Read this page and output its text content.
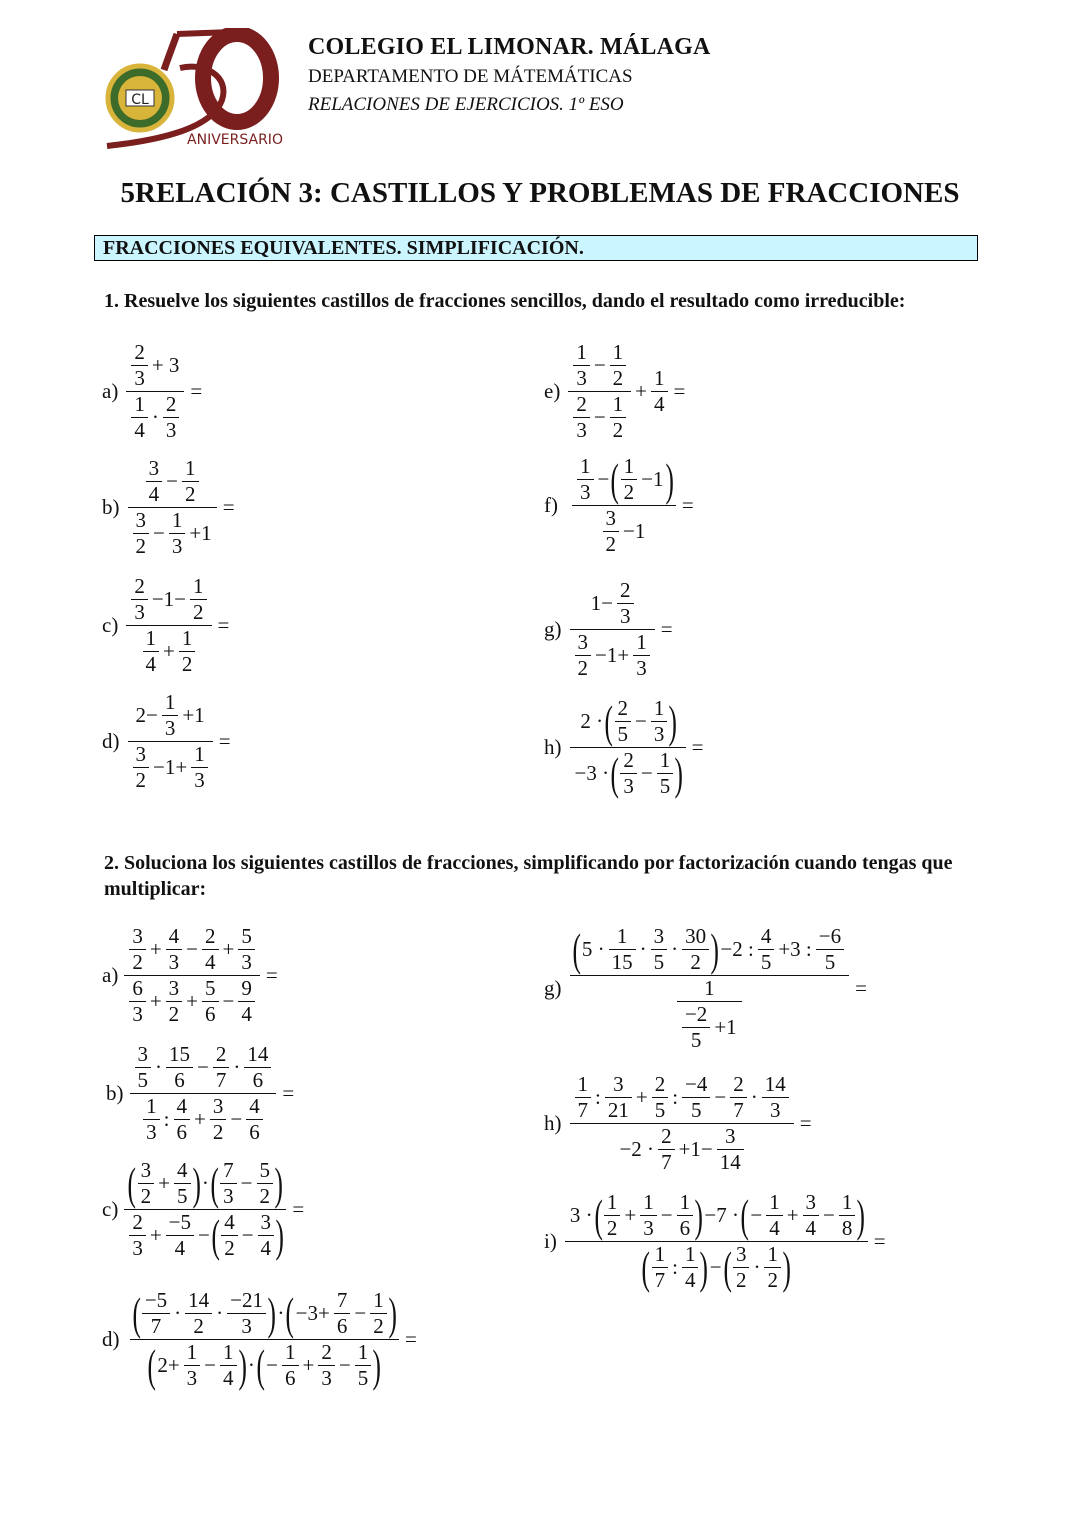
CL
ANIVERSARIO
COLEGIO EL LIMONAR. MÁLAGA
DEPARTAMENTO DE MÁTEMÁTICAS
RELACIONES DE EJERCICIOS. 1º ESO
5RELACIÓN 3: CASTILLOS Y PROBLEMAS DE FRACCIONES
FRACCIONES EQUIVALENTES. SIMPLIFICACIÓN.
1. Resuelve los siguientes castillos de fracciones sencillos, dando el resultado como irreducible:
$a) \frac{\frac{2}{3} + 3}{\frac{1}{4} \cdot \frac{2}{3}}$ =
$b) \frac{\frac{3}{4} - \frac{1}{2}}{\frac{3}{2} - \frac{1}{3} +1}$ =
$c) \frac{\frac{2}{3} -1- \frac{1}{2}}{\frac{1}{4} + \frac{1}{2}}$ =
$d) \frac{2- \frac{1}{3} +1}{\frac{3}{2} -1+ \frac{1}{3}}$ =
$e) \frac{\frac{1}{3} - \frac{1}{2}}{\frac{2}{3} - \frac{1}{2}} + \frac{1}{4}$ =
$f) \frac{\frac{1}{3} - ( \frac{1}{2} -1 )}{\frac{3}{2} -1}$ =
$g) \frac{1- \frac{2}{3}}{\frac{3}{2} -1+ \frac{1}{3}}$ =
$h) \frac{2 \cdot ( \frac{2}{5} - \frac{1}{3} )}{-3 \cdot ( \frac{2}{3} - \frac{1}{5} )}$ =
2. Soluciona los siguientes castillos de fracciones, simplificando por factorización cuando tengas que multiplicar:
$a) \frac{\frac{3}{2} + \frac{4}{3} - \frac{2}{4} + \frac{5}{3}}{\frac{6}{3} + \frac{3}{2} + \frac{5}{6} - \frac{9}{4}}$ =
$b) \frac{\frac{3}{5} \cdot \frac{15}{6} - \frac{2}{7} \cdot \frac{14}{6}}{\frac{1}{3} : \frac{4}{6} + \frac{3}{2} - \frac{4}{6}}$ =
$c) \frac{( \frac{3}{2} + \frac{4}{5} ) \cdot ( \frac{7}{3} - \frac{5}{2} )}{\frac{2}{3} + \frac{-5}{4} - ( \frac{4}{2} - \frac{3}{4} )}$ =
$d) \frac{( \frac{-5}{7} \cdot \frac{14}{2} \cdot \frac{-21}{3} ) \cdot ( -3+ \frac{7}{6} - \frac{1}{2} )}{( 2+ \frac{1}{3} - \frac{1}{4} ) \cdot ( - \frac{1}{6} + \frac{2}{3} - \frac{1}{5} )}$ =
$g) \frac{( 5 \cdot \frac{1}{15} \cdot \frac{3}{5} \cdot \frac{30}{2} ) -2 : \frac{4}{5} +3 : \frac{-6}{5}}{\frac{1}{\frac{-2}{5} +1}}$ =
$h) \frac{\frac{1}{7} : \frac{3}{21} + \frac{2}{5} : \frac{-4}{5} - \frac{2}{7} \cdot \frac{14}{3}}{-2 \cdot \frac{2}{7} +1- \frac{3}{14}}$ =
$i) \frac{3 \cdot ( \frac{1}{2} + \frac{1}{3} - \frac{1}{6} ) -7 \cdot ( - \frac{1}{4} + \frac{3}{4} - \frac{1}{8} )}{( \frac{1}{7} : \frac{1}{4} ) - ( \frac{3}{2} \cdot \frac{1}{2} )}$ =
